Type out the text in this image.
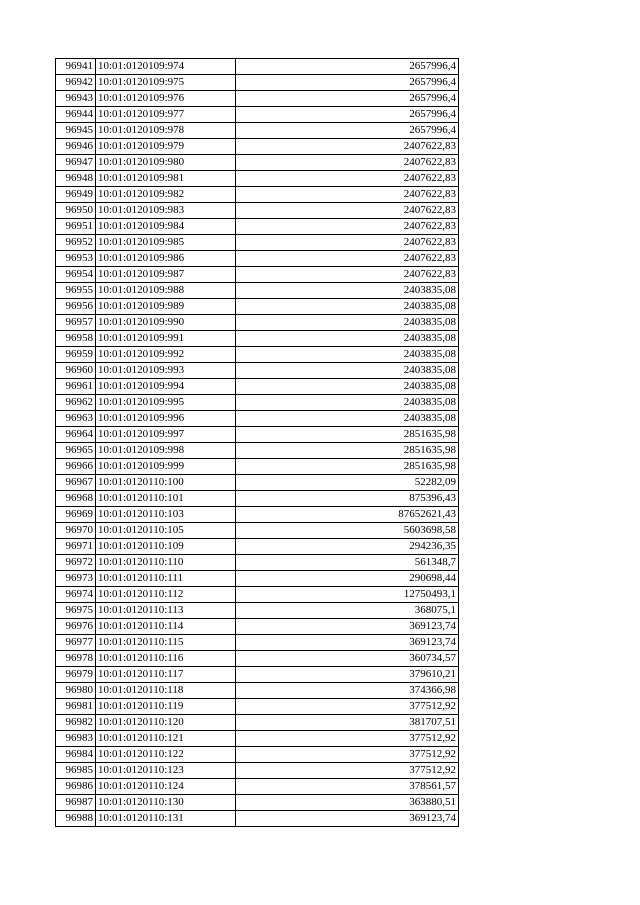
96941	10:01:0120109:974	2657996,4
96942	10:01:0120109:975	2657996,4
96943	10:01:0120109:976	2657996,4
96944	10:01:0120109:977	2657996,4
96945	10:01:0120109:978	2657996,4
96946	10:01:0120109:979	2407622,83
96947	10:01:0120109:980	2407622,83
96948	10:01:0120109:981	2407622,83
96949	10:01:0120109:982	2407622,83
96950	10:01:0120109:983	2407622,83
96951	10:01:0120109:984	2407622,83
96952	10:01:0120109:985	2407622,83
96953	10:01:0120109:986	2407622,83
96954	10:01:0120109:987	2407622,83
96955	10:01:0120109:988	2403835,08
96956	10:01:0120109:989	2403835,08
96957	10:01:0120109:990	2403835,08
96958	10:01:0120109:991	2403835,08
96959	10:01:0120109:992	2403835,08
96960	10:01:0120109:993	2403835,08
96961	10:01:0120109:994	2403835,08
96962	10:01:0120109:995	2403835,08
96963	10:01:0120109:996	2403835,08
96964	10:01:0120109:997	2851635,98
96965	10:01:0120109:998	2851635,98
96966	10:01:0120109:999	2851635,98
96967	10:01:0120110:100	52282,09
96968	10:01:0120110:101	875396,43
96969	10:01:0120110:103	87652621,43
96970	10:01:0120110:105	5603698,58
96971	10:01:0120110:109	294236,35
96972	10:01:0120110:110	561348,7
96973	10:01:0120110:111	290698,44
96974	10:01:0120110:112	12750493,1
96975	10:01:0120110:113	368075,1
96976	10:01:0120110:114	369123,74
96977	10:01:0120110:115	369123,74
96978	10:01:0120110:116	360734,57
96979	10:01:0120110:117	379610,21
96980	10:01:0120110:118	374366,98
96981	10:01:0120110:119	377512,92
96982	10:01:0120110:120	381707,51
96983	10:01:0120110:121	377512,92
96984	10:01:0120110:122	377512,92
96985	10:01:0120110:123	377512,92
96986	10:01:0120110:124	378561,57
96987	10:01:0120110:130	363880,51
96988	10:01:0120110:131	369123,74
